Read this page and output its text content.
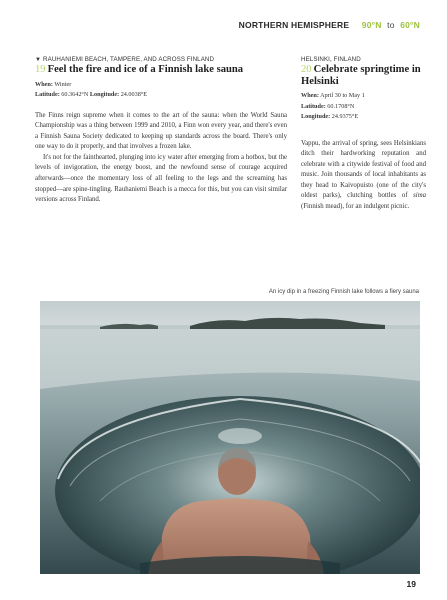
NORTHERN HEMISPHERE 90°N to 60°N
▼ RAUHANIEMI BEACH, TAMPERE, AND ACROSS FINLAND
19 Feel the fire and ice of a Finnish lake sauna
When: Winter
Latitude: 60.3642°N Longitude: 24.0038°E

The Finns reign supreme when it comes to the art of the sauna: when the World Sauna Championship was a thing between 1999 and 2010, a Finn won every year, and there's even a Finnish Sauna Society dedicated to keeping up standards across the board. There's only one way to do it properly, and that involves a frozen lake.

It's not for the fainthearted, plunging into icy water after emerging from a hotbox, but the levels of invigoration, the energy boost, and the newfound sense of courage acquired afterwards—once the momentary loss of all feeling to the legs and the screaming has stopped—are spine-tingling. Rauhaniemi Beach is a mecca for this, but you can visit similar versions across Finland.

HELSINKI, FINLAND
20 Celebrate springtime in Helsinki
When: April 30 to May 1
Latitude: 60.1708°N
Longitude: 24.9375°E

Vappu, the arrival of spring, sees Helsinkians ditch their hardworking reputation and celebrate with a citywide festival of food and music. Join thousands of local inhabitants as they head to Kaivopuisto (one of the city's oldest parks), clutching bottles of sima (Finnish mead), for an indulgent picnic.

An icy dip in a freezing Finnish lake follows a fiery sauna
19
